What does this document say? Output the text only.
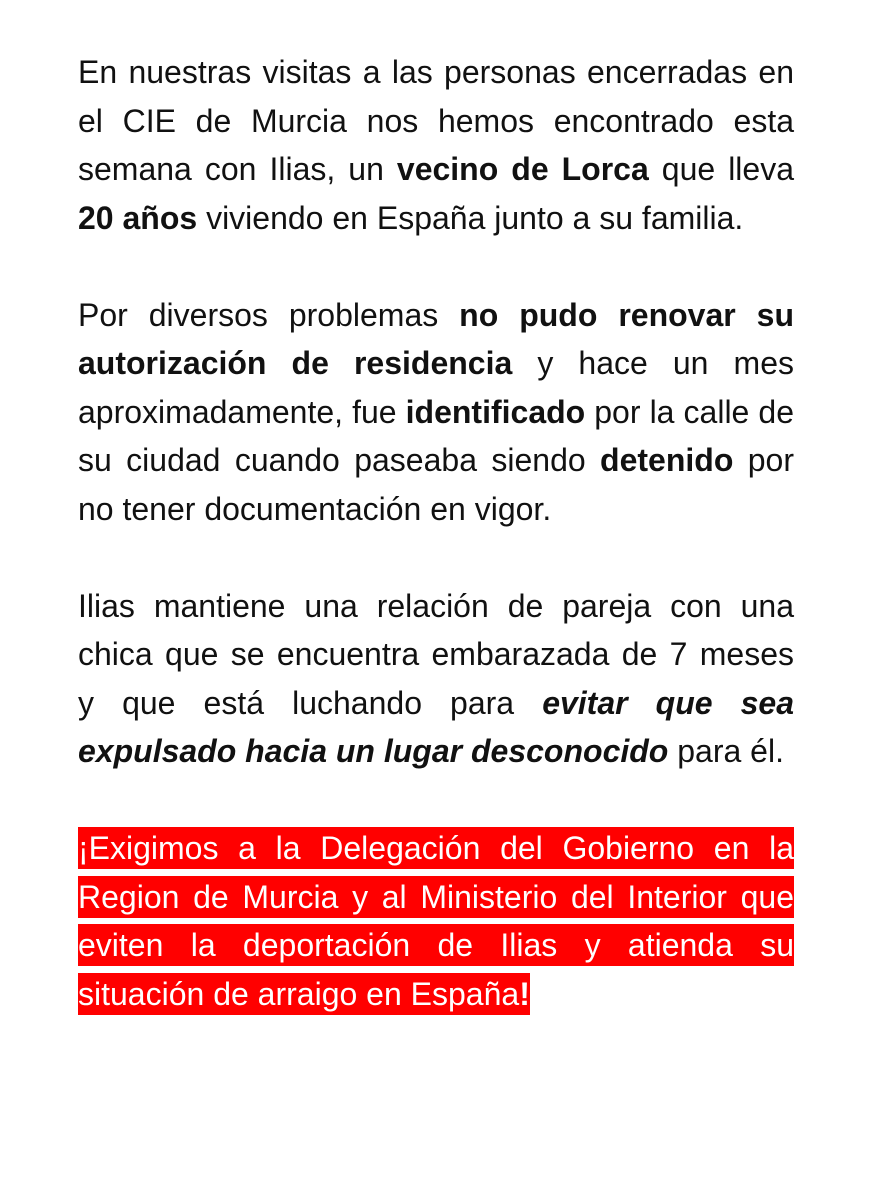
En nuestras visitas a las personas encerradas en el CIE de Murcia nos hemos encontrado esta semana con Ilias, un vecino de Lorca que lleva 20 años viviendo en España junto a su familia.

Por diversos problemas no pudo renovar su autorización de residencia y hace un mes aproximadamente, fue identificado por la calle de su ciudad cuando paseaba siendo detenido por no tener documentación en vigor.

Ilias mantiene una relación de pareja con una chica que se encuentra embarazada de 7 meses y que está luchando para evitar que sea expulsado hacia un lugar desconocido para él.

¡Exigimos a la Delegación del Gobierno en la Region de Murcia y al Ministerio del Interior que eviten la deportación de Ilias y atienda su situación de arraigo en España!
